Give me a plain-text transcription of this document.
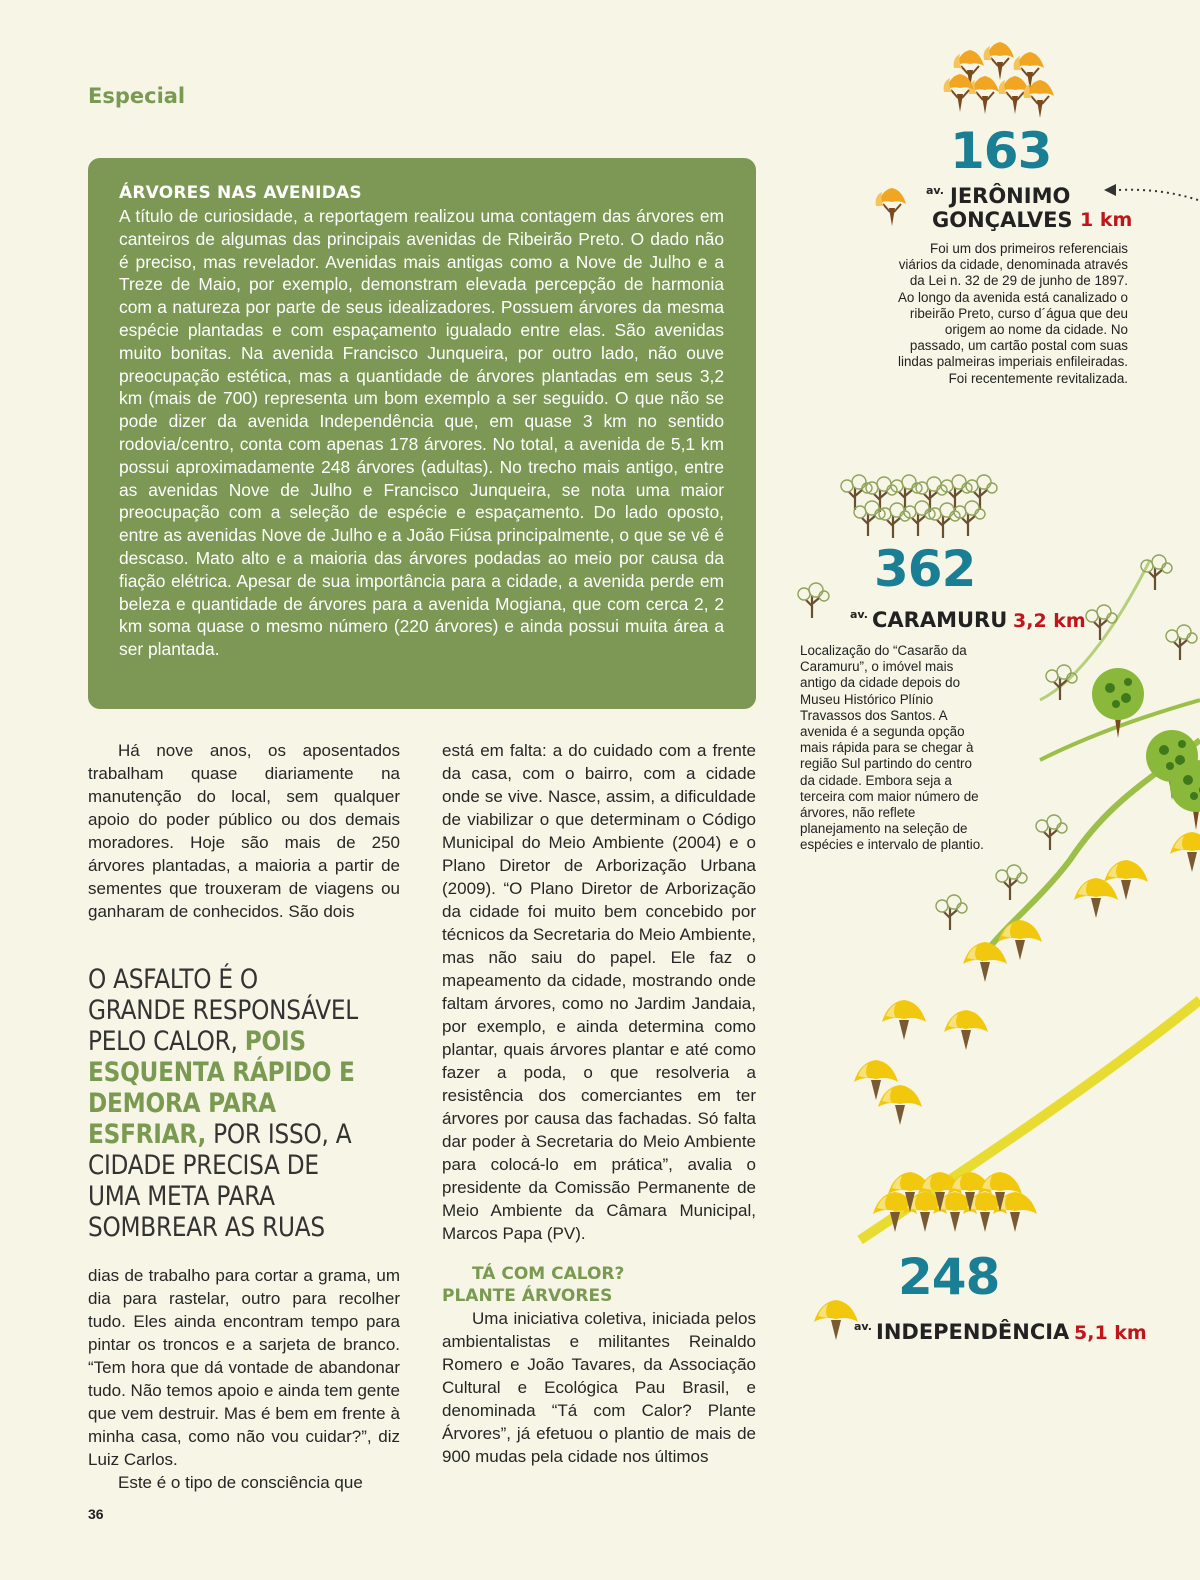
Especial
ÁRVORES NAS AVENIDAS

A título de curiosidade, a reportagem realizou uma contagem das árvores em canteiros de algumas das principais avenidas de Ribeirão Preto. O dado não é preciso, mas revelador. Avenidas mais antigas como a Nove de Julho e a Treze de Maio, por exemplo, demonstram elevada percepção de harmonia com a natureza por parte de seus idealizadores. Possuem árvores da mesma espécie plantadas e com espaçamento igualado entre elas. São avenidas muito bonitas. Na avenida Francisco Junqueira, por outro lado, não ouve preocupação estética, mas a quantidade de árvores plantadas em seus 3,2 km (mais de 700) representa um bom exemplo a ser seguido. O que não se pode dizer da avenida Independência que, em quase 3 km no sentido rodovia/centro, conta com apenas 178 árvores. No total, a avenida de 5,1 km possui aproximadamente 248 árvores (adultas). No trecho mais antigo, entre as avenidas Nove de Julho e Francisco Junqueira, se nota uma maior preocupação com a seleção de espécie e espaçamento. Do lado oposto, entre as avenidas Nove de Julho e a João Fiúsa principalmente, o que se vê é descaso. Mato alto e a maioria das árvores podadas ao meio por causa da fiação elétrica. Apesar de sua importância para a cidade, a avenida perde em beleza e quantidade de árvores para a avenida Mogiana, que com cerca 2, 2 km soma quase o mesmo número (220 árvores) e ainda possui muita área a ser plantada.

Há nove anos, os aposentados trabalham quase diariamente na manutenção do local, sem qualquer apoio do poder público ou dos demais moradores. Hoje são mais de 250 árvores plantadas, a maioria a partir de sementes que trouxeram de viagens ou ganharam de conhecidos. São dois

O ASFALTO É O GRANDE RESPONSÁVEL PELO CALOR, POIS ESQUENTA RÁPIDO E DEMORA PARA ESFRIAR, POR ISSO, A CIDADE PRECISA DE UMA META PARA SOMBREAR AS RUAS

dias de trabalho para cortar a grama, um dia para rastelar, outro para recolher tudo. Eles ainda encontram tempo para pintar os troncos e a sarjeta de branco. “Tem hora que dá vontade de abandonar tudo. Não temos apoio e ainda tem gente que vem destruir. Mas é bem em frente à minha casa, como não vou cuidar?”, diz Luiz Carlos.

Este é o tipo de consciência que

está em falta: a do cuidado com a frente da casa, com o bairro, com a cidade onde se vive. Nasce, assim, a dificuldade de viabilizar o que determinam o Código Municipal do Meio Ambiente (2004) e o Plano Diretor de Arborização Urbana (2009). “O Plano Diretor de Arborização da cidade foi muito bem concebido por técnicos da Secretaria do Meio Ambiente, mas não saiu do papel. Ele faz o mapeamento da cidade, mostrando onde faltam árvores, como no Jardim Jandaia, por exemplo, e ainda determina como plantar, quais árvores plantar e até como fazer a poda, o que resolveria a resistência dos comerciantes em ter árvores por causa das fachadas. Só falta dar poder à Secretaria do Meio Ambiente para colocá-lo em prática”, avalia o presidente da Comissão Permanente de Meio Ambiente da Câmara Municipal, Marcos Papa (PV).

TÁ COM CALOR?
PLANTE ÁRVORES

Uma iniciativa coletiva, iniciada pelos ambientalistas e militantes Reinaldo Romero e João Tavares, da Associação Cultural e Ecológica Pau Brasil, e denominada “Tá com Calor? Plante Árvores”, já efetuou o plantio de mais de 900 mudas pela cidade nos últimos

163
av. JERÔNIMO
GONÇALVES 1 km
Foi um dos primeiros referenciais viários da cidade, denominada através da Lei n. 32 de 29 de junho de 1897. Ao longo da avenida está canalizado o ribeirão Preto, curso d´água que deu origem ao nome da cidade. No passado, um cartão postal com suas lindas palmeiras imperiais enfileiradas. Foi recentemente revitalizada.
362
av. CARAMURU 3,2 km
Localização do “Casarão da Caramuru”, o imóvel mais antigo da cidade depois do Museu Histórico Plínio Travassos dos Santos. A avenida é a segunda opção mais rápida para se chegar à região Sul partindo do centro da cidade. Embora seja a terceira com maior número de árvores, não reflete planejamento na seleção de espécies e intervalo de plantio.
248
av. INDEPENDÊNCIA 5,1 km
36
